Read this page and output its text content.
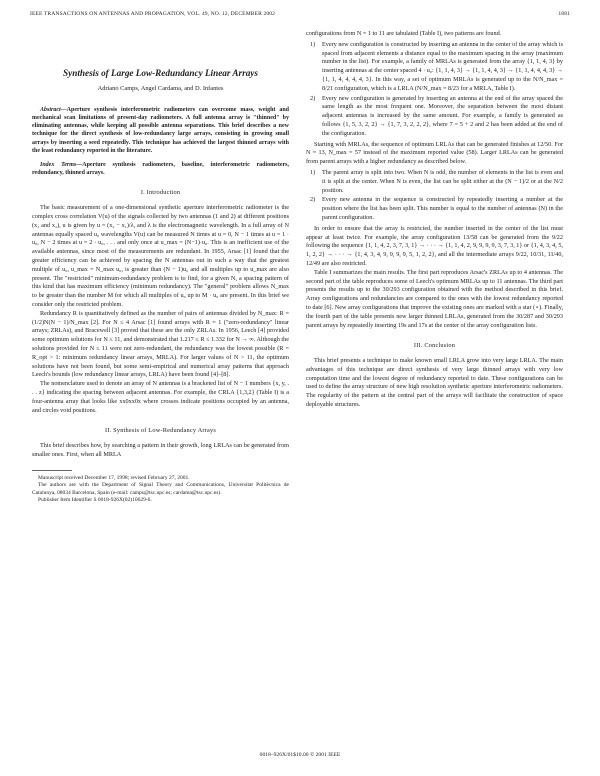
IEEE TRANSACTIONS ON ANTENNAS AND PROPAGATION, VOL. 49, NO. 12, DECEMBER 2002	1881
Synthesis of Large Low-Redundancy Linear Arrays
Adriano Camps, Angel Cardama, and D. Infantes

Abstract—Aperture synthesis interferometric radiometers can overcome mass, weight and mechanical scan limitations of present-day radiometers. A full antenna array is "thinned" by eliminating antennas, while keeping all possible antenna separations. This brief describes a new technique for the direct synthesis of low-redundancy large arrays, consisting in growing small arrays by inserting a seed repeatedly. This technique has achieved the largest thinned arrays with the least redundancy reported in the literature.

Index Terms—Aperture synthesis radiometers, baseline, interferometric radiometers, redundancy, thinned arrays.

I. Introduction

The basic measurement of a one-dimensional synthetic aperture interferometric radiometer is the complex cross correlation V(u) of the signals collected by two antennas (1 and 2) at different positions (x₁ and x₂), u is given by u = (x₂ − x₁)/λ, and λ is the electromagnetic wavelength. In a full array of N antennas equally spaced u₀ wavelengths V(u) can be measured N times at u = 0, N − 1 times at u = 1 · u₀, N − 2 times at u = 2 · u₀, . . . and only once at u_max = (N−1)·u₀. This is an inefficient use of the available antennas, since most of the measurements are redundant. In 1955, Arsac [1] found that the greater efficiency can be achieved by spacing the N antennas out in such a way that the greatest multiple of u₀, u_max = N_max u₀, is greater than (N − 1)u₀ and all multiples up to u_max are also present. The "restricted" minimum-redundancy problem is to find, for a given N, a spacing pattern of this kind that has maximum efficiency (minimum redundancy). The "general" problem allows N_max to be greater than the number M for which all multiples of u₀ up to M · u₀ are present. In this brief we consider only the restricted problem.

Redundancy R is quantitatively defined as the number of pairs of antennas divided by N_max: R = (1/2)N(N − 1)/N_max [2]. For N ≤ 4 Arsac [1] found arrays with R = 1 ("zero-redundancy" linear arrays; ZRLAs), and Bracewell [3] proved that these are the only ZRLAs. In 1956, Leech [4] provided some optimum solutions for N ≤ 11, and demonstrated that 1.217 ≤ R ≤ 1.332 for N → ∞. Although the solutions provided for N ≤ 11 were not zero-redundant, the redundancy was the lowest possible (R = R_opt > 1: minimum redundancy linear arrays, MRLA). For larger values of N > 11, the optimum solutions have not been found, but some semi-empirical and numerical array patterns that approach Leech's bounds (low redundancy linear arrays, LRLA) have been found [4]–[8].

The nomenclature used to denote an array of N antennas is a bracketed list of N − 1 numbers {x, y, . . . z} indicating the spacing between adjacent antennas. For example, the CRLA {1,3,2} (Table I) is a four-antenna array that looks like xx0xx0x where crosses indicate positions occupied by an antenna, and circles void positions.

II. Synthesis of Low-Redundancy Arrays

This brief describes how, by searching a pattern in their growth, long LRLAs can be generated from smaller ones. First, when all MRLA

Manuscript received December 17, 1998; revised February 27, 2001.

The authors are with the Department of Signal Theory and Communications, Universitat Politècnica de Catalunya, 08034 Barcelona, Spain (e-mail: camps@tsc.upc.es; cardama@tsc.upc.es).

Publisher Item Identifier S 0018-926X(02)10629-6.

configurations from N = 1 to 11 are tabulated (Table I), two patterns are found.

1) Every new configuration is constructed by inserting an antenna in the center of the array which is spaced from adjacent elements a distance equal to the maximum spacing in the array (maximum number in the list). For example, a family of MRLAs is generated from the array {1, 1, 4, 3} by inserting antennas at the center spaced 4 · u₀: {1, 1, 4, 3} → {1, 1, 4, 4, 3} → {1, 1, 4, 4, 4, 3} → {1, 1, 4, 4, 4, 4, 3}. In this way, a set of optimum MRLAs is generated up to the N/N_max = 8/21 configuration, which is a LRLA (N/N_max = 8/23 for a MRLA, Table I).
2) Every new configuration is generated by inserting an antenna at the end of the array spaced the same length as the most frequent one. Moreover, the separation between the most distant adjacent antennas is increased by the same amount. For example, a family is generated as follows {1, 5, 3, 2, 2} → {1, 7, 3, 2, 2, 2}, where 7 = 5 + 2 and 2 has been added at the end of the configuration.

Starting with MRLAs, the sequence of optimum LRLAs that can be generated finishes at 12/50. For N = 13, N_max = 57 instead of the maximum reported value (58). Larger LRLAs can be generated from parent arrays with a higher redundancy as described below.

1) The parent array is split into two. When N is odd, the number of elements in the list is even and it is split at the center. When N is even, the list can be split either at the (N − 1)/2 or at the N/2 position.
2) Every new antenna in the sequence is constructed by repeatedly inserting a number at the position where the list has been split. This number is equal to the number of antennas (N) in the parent configuration.

In order to ensure that the array is restricted, the number inserted in the center of the list must appear at least twice. For example, the array configuration 13/58 can be generated from the 9/22 following the sequence {1, 1, 4, 2, 3, 7, 3, 1} → · · · → {1, 1, 4, 2, 9, 9, 9, 9, 3, 7, 3, 1} or {1, 4, 3, 4, 5, 1, 2, 2} → · · · → {1, 4, 3, 4, 9, 9, 9, 9, 5, 1, 2, 2}, and all the intermediate arrays 9/22, 10/31, 11/40, 12/49 are also restricted.

Table I summarizes the main results. The first part reproduces Arsac's ZRLAs up to 4 antennas. The second part of the table reproduces some of Leech's optimum MRLAs up to 11 antennas. The third part presents the results up to the 30/293 configuration obtained with the method described in this brief. Array configurations and redundancies are compared to the ones with the lowest redundancy reported to date [6]. New array configurations that improve the existing ones are marked with a star (⋆). Finally, the fourth part of the table presents new larger thinned LRLAs, generated from the 30/287 and 30/293 parent arrays by repeatedly inserting 19s and 17s at the center of the array configuration lists.

III. Conclusion

This brief presents a technique to make known small LRLA grow into very large LRLA. The main advantages of this technique are direct synthesis of very large thinned arrays with very low computation time and the lowest degree of redundancy reported to date. These configurations can be used to define the array structure of new high resolution synthetic aperture interferometric radiometers. The regularity of the pattern at the central part of the arrays will facilitate the construction of space deployable structures.

0018–926X/01$10.00 © 2001 IEEE
